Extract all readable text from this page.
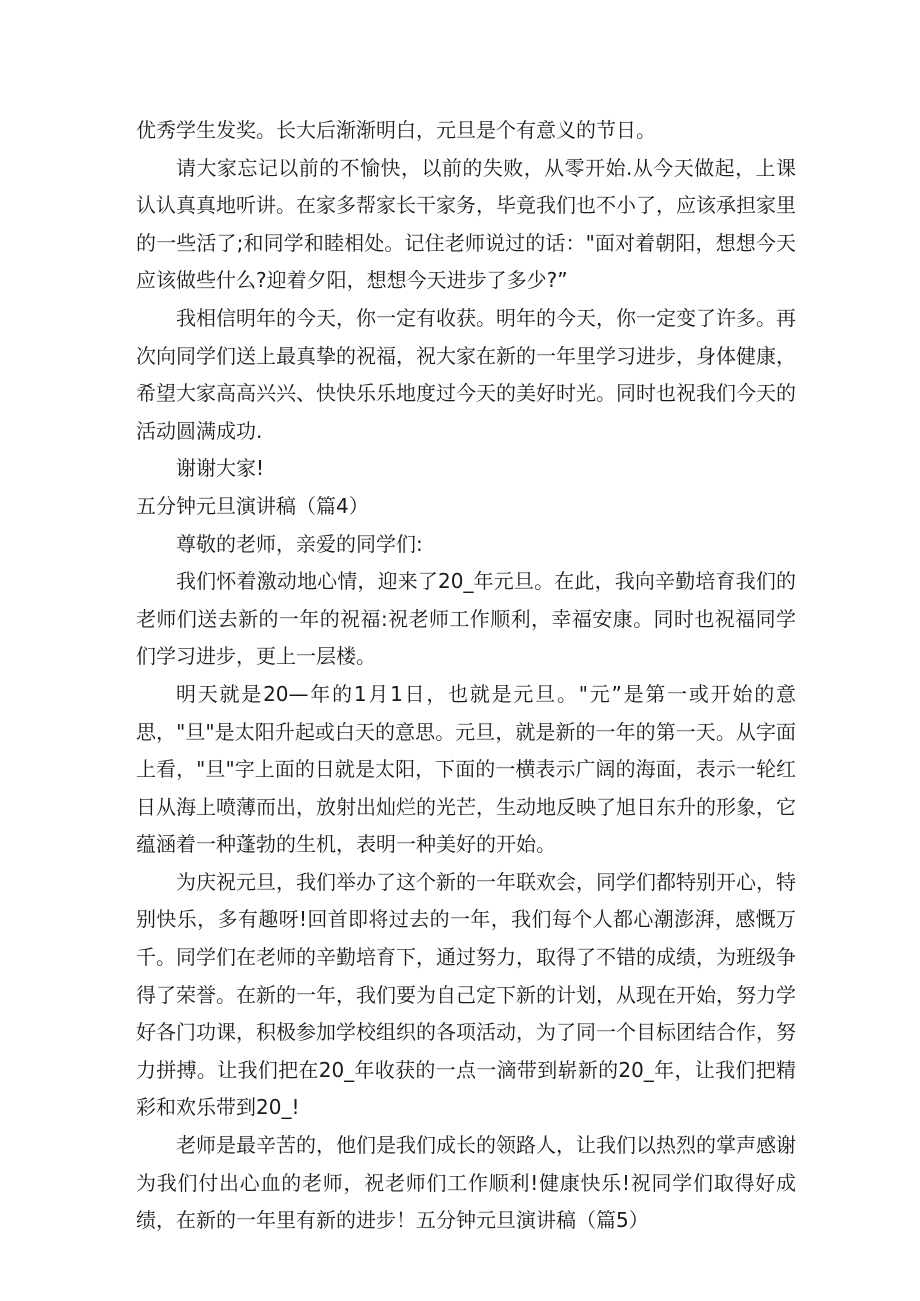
优秀学生发奖。长大后渐渐明白，元旦是个有意义的节日。

请大家忘记以前的不愉快，以前的失败，从零开始.从今天做起，上课认认真真地听讲。在家多帮家长干家务，毕竟我们也不小了，应该承担家里的一些活了;和同学和睦相处。记住老师说过的话："面对着朝阳，想想今天应该做些什么?迎着夕阳，想想今天进步了多少?”

我相信明年的今天，你一定有收获。明年的今天，你一定变了许多。再次向同学们送上最真挚的祝福，祝大家在新的一年里学习进步，身体健康，希望大家高高兴兴、快快乐乐地度过今天的美好时光。同时也祝我们今天的活动圆满成功.

谢谢大家!

五分钟元旦演讲稿（篇4）

尊敬的老师，亲爱的同学们:

我们怀着激动地心情，迎来了20_年元旦。在此，我向辛勤培育我们的老师们送去新的一年的祝福:祝老师工作顺利，幸福安康。同时也祝福同学们学习进步，更上一层楼。

明天就是20—年的1月1日，也就是元旦。"元”是第一或开始的意思，"旦"是太阳升起或白天的意思。元旦，就是新的一年的第一天。从字面上看，"旦"字上面的日就是太阳，下面的一横表示广阔的海面，表示一轮红日从海上喷薄而出，放射出灿烂的光芒，生动地反映了旭日东升的形象，它蕴涵着一种蓬勃的生机，表明一种美好的开始。

为庆祝元旦，我们举办了这个新的一年联欢会，同学们都特别开心，特别快乐，多有趣呀!回首即将过去的一年，我们每个人都心潮澎湃，感慨万千。同学们在老师的辛勤培育下，通过努力，取得了不错的成绩，为班级争得了荣誉。在新的一年，我们要为自己定下新的计划，从现在开始，努力学好各门功课，积极参加学校组织的各项活动，为了同一个目标团结合作，努力拼搏。让我们把在20_年收获的一点一滴带到崭新的20_年，让我们把精彩和欢乐带到20_!

老师是最辛苦的，他们是我们成长的领路人，让我们以热烈的掌声感谢为我们付出心血的老师，祝老师们工作顺利!健康快乐!祝同学们取得好成绩，在新的一年里有新的进步！五分钟元旦演讲稿（篇5）
